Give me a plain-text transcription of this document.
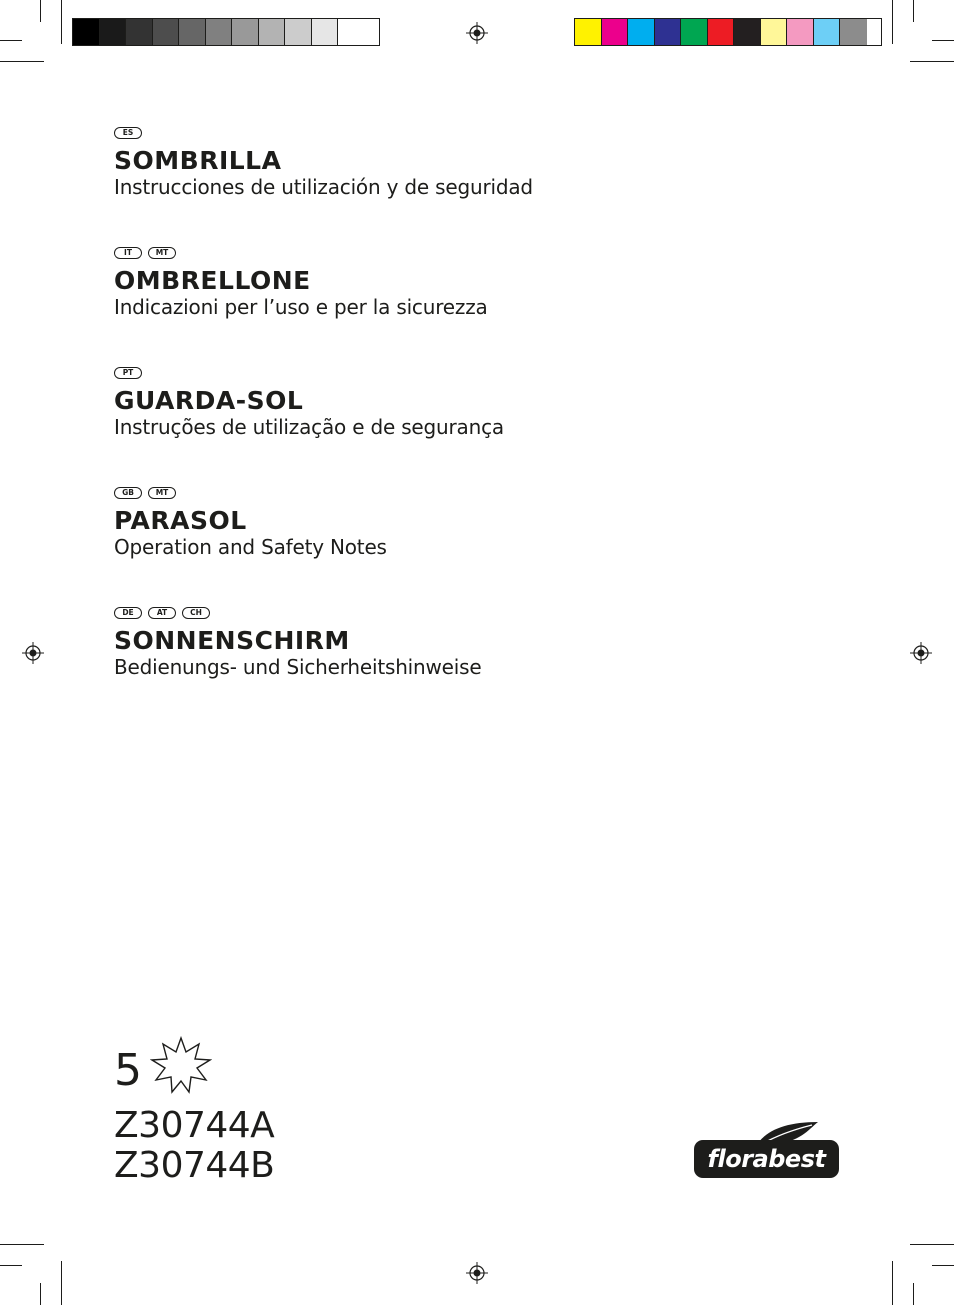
ES
SOMBRILLA
Instrucciones de utilización y de seguridad
IT	MT
OMBRELLONE
Indicazioni per l’uso e per la sicurezza
PT
GUARDA-SOL
Instruções de utilização e de segurança
GB	MT
PARASOL
Operation and Safety Notes
DE	AT	CH
SONNENSCHIRM
Bedienungs- und Sicherheitshinweise
5
Z30744A
Z30744B	florabest
